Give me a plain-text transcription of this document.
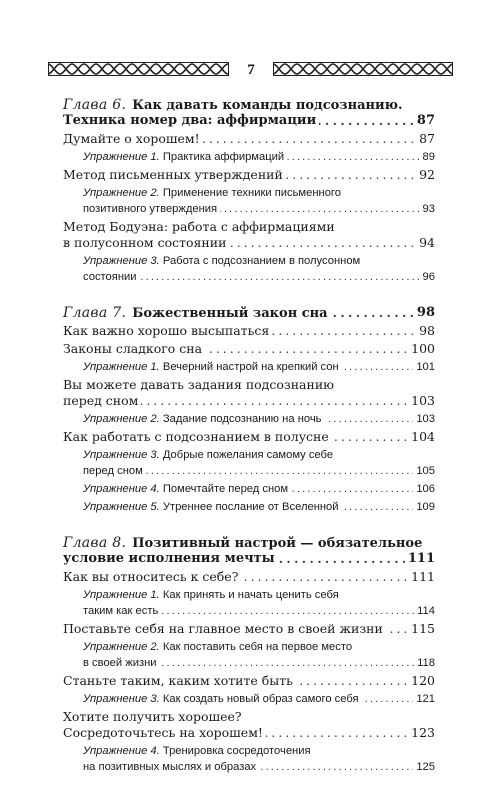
7
Глава 6. Как давать команды подсознанию.
. . . Техника номер два: аффирмации	87
. . . Думайте о хорошем!	87
. . . Упражнение 1. Практика аффирмаций	89
. . . Метод письменных утверждений	92
Упражнение 2. Применение техники письменного
. . . позитивного утверждения	93
Метод Бодуэна: работа с аффирмациями
. . . в полусонном состоянии	94
Упражнение 3. Работа с подсознанием в полусонном
. . . состоянии	96
. . . Глава 7. Божественный закон сна	98
. . . Как важно хорошо высыпаться	98
. . . Законы сладкого сна	100
. . . Упражнение 1. Вечерний настрой на крепкий сон	101
Вы можете давать задания подсознанию
. . . перед сном	103
. . . Упражнение 2. Задание подсознанию на ночь	103
. . . Как работать с подсознанием в полусне	104
Упражнение 3. Добрые пожелания самому себе
. . . перед сном	105
. . . Упражнение 4. Помечтайте перед сном	106
. . . Упражнение 5. Утреннее послание от Вселенной	109
Глава 8. Позитивный настрой — обязательное
. . . условие исполнения мечты	111
. . . Как вы относитесь к себе?	111
Упражнение 1. Как принять и начать ценить себя
. . . таким как есть	114
. . . Поставьте себя на главное место в своей жизни 115
Упражнение 2. Как поставить себя на первое место
. . . в своей жизни	118
. . . Станьте таким, каким хотите быть	120
. . . Упражнение 3. Как создать новый образ самого себя	121
Хотите получить хорошее?
. . . Сосредоточьтесь на хорошем!	123
Упражнение 4. Тренировка сосредоточения
. . . на позитивных мыслях и образах	125
